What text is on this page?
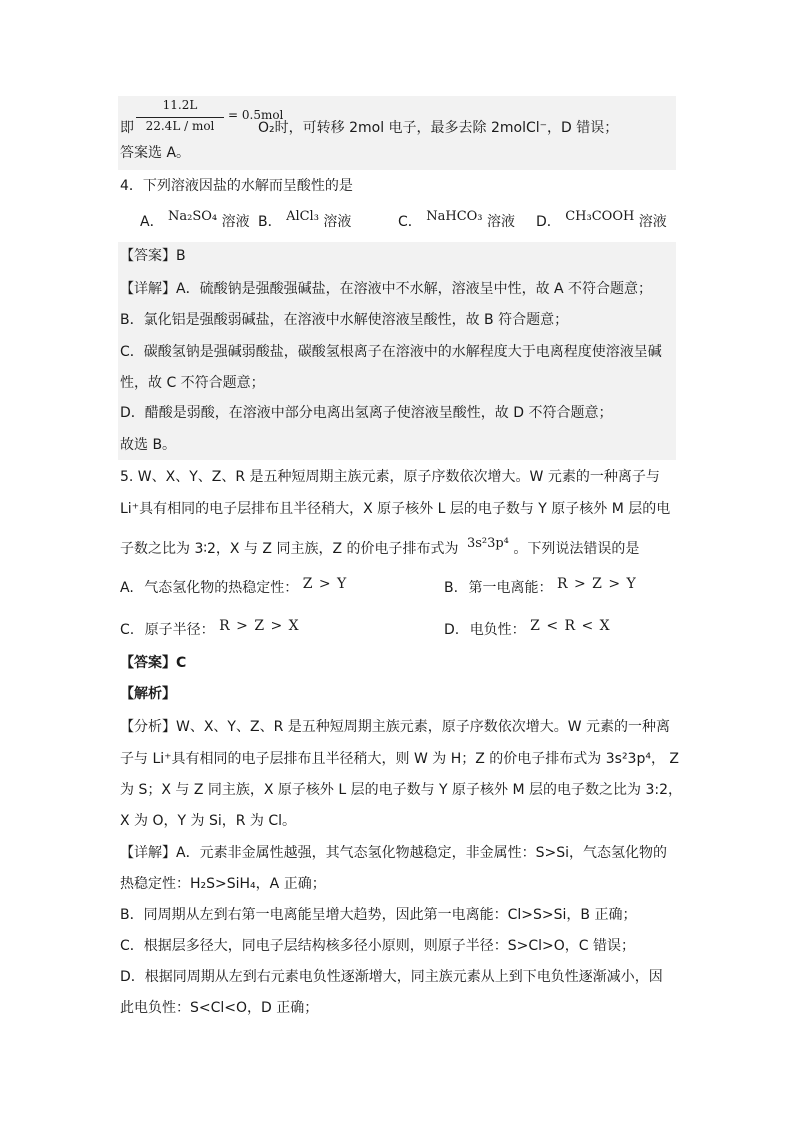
11.2L
22.4L / mol
= 0.5mol
即	O₂时，可转移 2mol 电子，最多去除 2molCl⁻，D 错误；
答案选 A。
4．下列溶液因盐的水解而呈酸性的是
A． Na₂SO₄ 溶液 B． AlCl₃ 溶液	C． NaHCO₃ 溶液 D． CH₃COOH 溶液
【答案】B
【详解】A．硫酸钠是强酸强碱盐，在溶液中不水解，溶液呈中性，故 A 不符合题意；
B．氯化铝是强酸弱碱盐，在溶液中水解使溶液呈酸性，故 B 符合题意；
C．碳酸氢钠是强碱弱酸盐，碳酸氢根离子在溶液中的水解程度大于电离程度使溶液呈碱
性，故 C 不符合题意；
D．醋酸是弱酸，在溶液中部分电离出氢离子使溶液呈酸性，故 D 不符合题意；
故选 B。
5. W、X、Y、Z、R 是五种短周期主族元素，原子序数依次增大。W 元素的一种离子与
Li⁺具有相同的电子层排布且半径稍大，X 原子核外 L 层的电子数与 Y 原子核外 M 层的电
子数之比为 3∶2，X 与 Z 同主族，Z 的价电子排布式为 3s²3p⁴ 。下列说法错误的是
A. 气态氢化物的热稳定性： Z > Y	B. 第一电离能： R > Z > Y
C. 原子半径： R > Z > X	D. 电负性： Z < R < X
【答案】C
【解析】
【分析】W、X、Y、Z、R 是五种短周期主族元素，原子序数依次增大。W 元素的一种离
子与 Li⁺具有相同的电子层排布且半径稍大，则 W 为 H；Z 的价电子排布式为 3s²3p⁴， Z
为 S；X 与 Z 同主族，X 原子核外 L 层的电子数与 Y 原子核外 M 层的电子数之比为 3:2，
X 为 O，Y 为 Si，R 为 Cl。
【详解】A．元素非金属性越强，其气态氢化物越稳定，非金属性：S>Si，气态氢化物的
热稳定性：H₂S>SiH₄，A 正确；
B．同周期从左到右第一电离能呈增大趋势，因此第一电离能：Cl>S>Si，B 正确；
C．根据层多径大，同电子层结构核多径小原则，则原子半径：S>Cl>O，C 错误；
D．根据同周期从左到右元素电负性逐渐增大，同主族元素从上到下电负性逐渐减小，因
此电负性：S<Cl<O，D 正确；
